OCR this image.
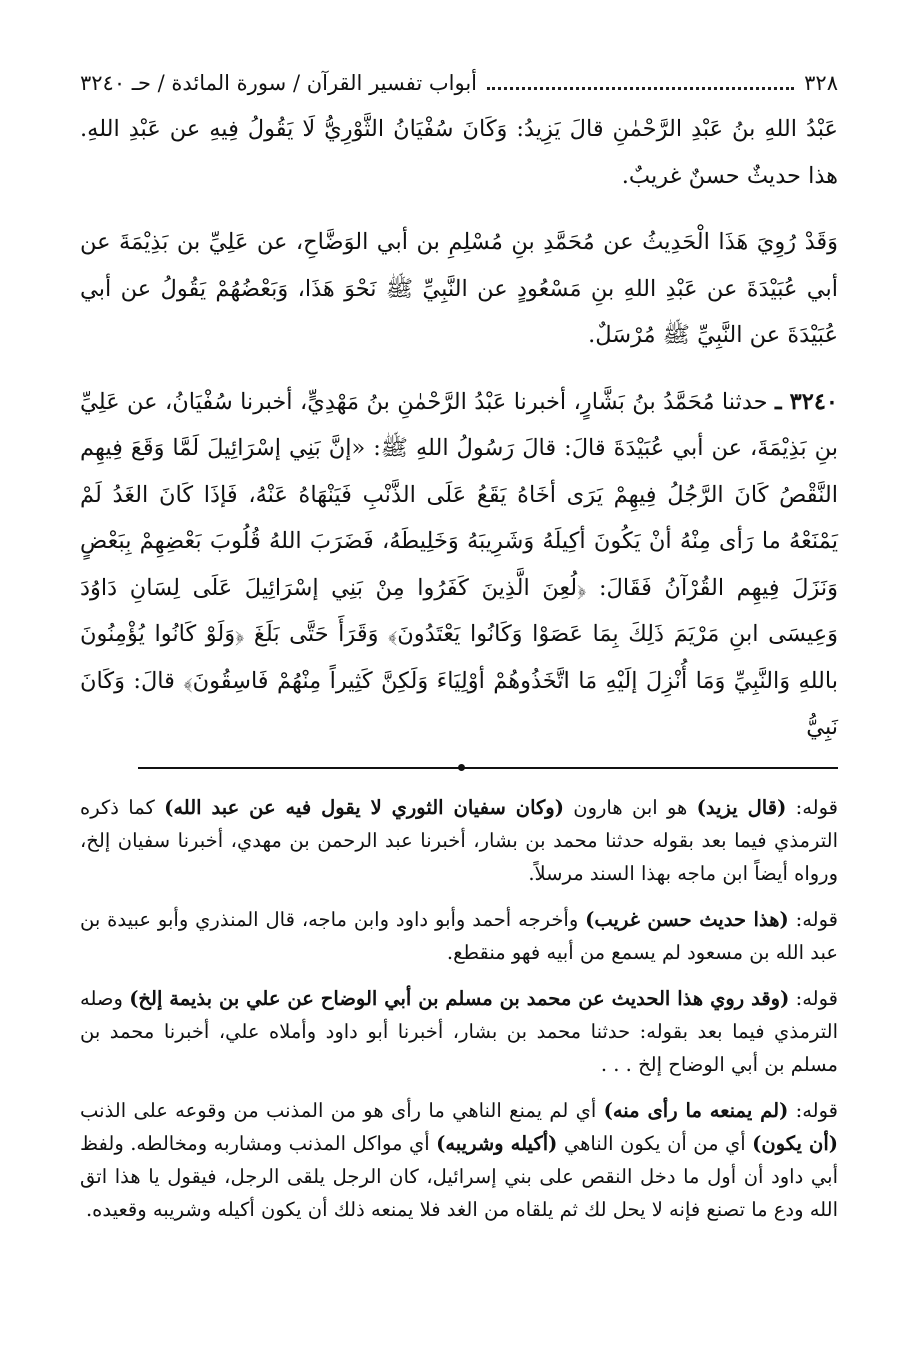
٣٢٨
أبواب تفسير القرآن / سورة المائدة / حـ ٣٢٤٠

عَبْدُ اللهِ بنُ عَبْدِ الرَّحْمٰنِ قالَ يَزِيدُ: وَكَانَ سُفْيَانُ الثَّوْرِيُّ لَا يَقُولُ فِيهِ عن عَبْدِ اللهِ. هذا حديثٌ حسنٌ غريبٌ.

وَقَدْ رُوِيَ هَذَا الْحَدِيثُ عن مُحَمَّدِ بنِ مُسْلِمِ بن أبي الوَضَّاحِ، عن عَلِيِّ بن بَذِيْمَةَ عن أبي عُبَيْدَةَ عن عَبْدِ اللهِ بنِ مَسْعُودٍ عن النَّبِيِّ ﷺ نَحْوَ هَذَا، وَبَعْضُهُمْ يَقُولُ عن أبي عُبَيْدَةَ عن النَّبِيِّ ﷺ مُرْسَلٌ.

٣٢٤٠ ـ حدثنا مُحَمَّدُ بنُ بَشَّارٍ، أخبرنا عَبْدُ الرَّحْمٰنِ بنُ مَهْدِيٍّ، أخبرنا سُفْيَانُ، عن عَلِيِّ بنِ بَذِيْمَةَ، عن أبي عُبَيْدَةَ قالَ: قالَ رَسُولُ اللهِ ﷺ: «إنَّ بَنِي إسْرَائِيلَ لَمَّا وَقَعَ فِيهِم النَّقْصُ كَانَ الرَّجُلُ فِيهِمْ يَرَى أخَاهُ يَقَعُ عَلَى الذَّنْبِ فَيَنْهَاهُ عَنْهُ، فَإذَا كَانَ الغَدُ لَمْ يَمْنَعْهُ ما رَأى مِنْهُ أنْ يَكُونَ أكِيلَهُ وَشَرِيبَهُ وَخَلِيطَهُ، فَضَرَبَ اللهُ قُلُوبَ بَعْضِهِمْ بِبَعْضٍ وَنَزَلَ فِيهِم القُرْآنُ فَقَالَ: ﴿لُعِنَ الَّذِينَ كَفَرُوا مِنْ بَنِي إسْرَائِيلَ عَلَى لِسَانِ دَاوُدَ وَعِيسَى ابنِ مَرْيَمَ ذَلِكَ بِمَا عَصَوْا وَكَانُوا يَعْتَدُونَ﴾ وَقَرَأَ حَتَّى بَلَغَ ﴿وَلَوْ كَانُوا يُؤْمِنُونَ باللهِ وَالنَّبِيِّ وَمَا أُنْزِلَ إلَيْهِ مَا اتَّخَذُوهُمْ أوْلِيَاءَ وَلَكِنَّ كَثِيراً مِنْهُمْ فَاسِقُونَ﴾ قالَ: وَكَانَ نَبِيُّ

قوله: (قال يزيد) هو ابن هارون (وكان سفيان الثوري لا يقول فيه عن عبد الله) كما ذكره الترمذي فيما بعد بقوله حدثنا محمد بن بشار، أخبرنا عبد الرحمن بن مهدي، أخبرنا سفيان إلخ، ورواه أيضاً ابن ماجه بهذا السند مرسلاً.

قوله: (هذا حديث حسن غريب) وأخرجه أحمد وأبو داود وابن ماجه، قال المنذري وأبو عبيدة بن عبد الله بن مسعود لم يسمع من أبيه فهو منقطع.

قوله: (وقد روي هذا الحديث عن محمد بن مسلم بن أبي الوضاح عن علي بن بذيمة إلخ) وصله الترمذي فيما بعد بقوله: حدثنا محمد بن بشار، أخبرنا أبو داود وأملاه علي، أخبرنا محمد بن مسلم بن أبي الوضاح إلخ . . .

قوله: (لم يمنعه ما رأى منه) أي لم يمنع الناهي ما رأى هو من المذنب من وقوعه على الذنب (أن يكون) أي من أن يكون الناهي (أكيله وشريبه) أي مواكل المذنب ومشاربه ومخالطه. ولفظ أبي داود أن أول ما دخل النقص على بني إسرائيل، كان الرجل يلقى الرجل، فيقول يا هذا اتق الله ودع ما تصنع فإنه لا يحل لك ثم يلقاه من الغد فلا يمنعه ذلك أن يكون أكيله وشريبه وقعيده.
